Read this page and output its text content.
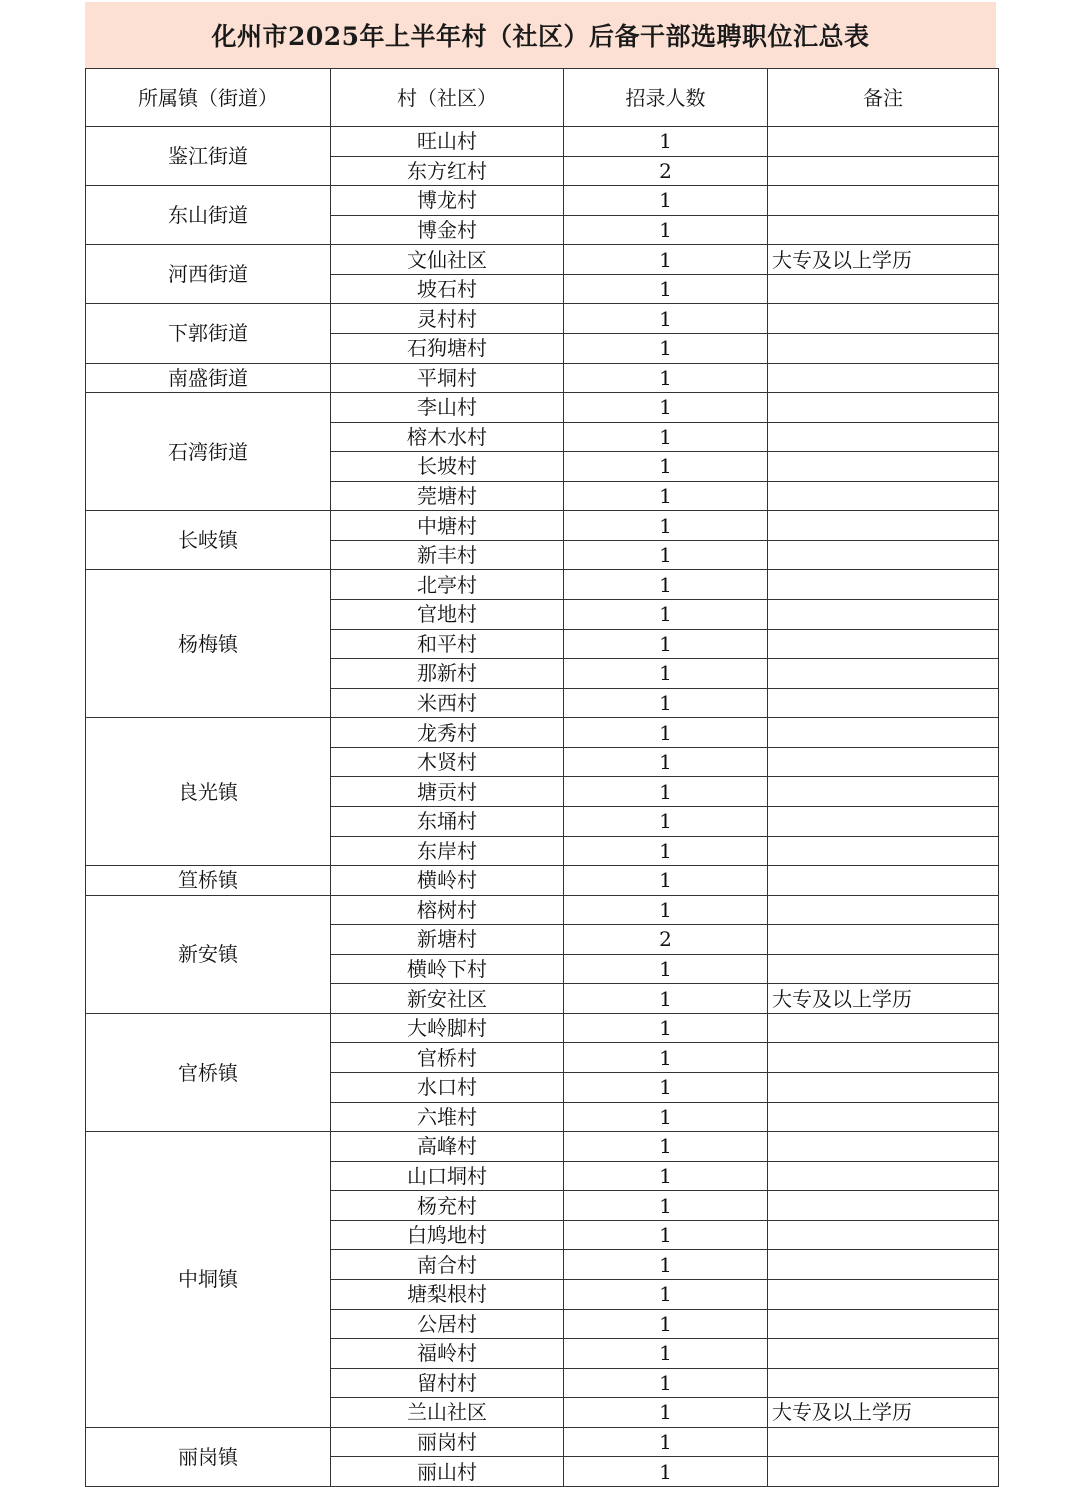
化州市2025年上半年村（社区）后备干部选聘职位汇总表
所属镇（街道）	村（社区）	招录人数	备注
鉴江街道	旺山村	1	
	东方红村	2	
东山街道	博龙村	1	
	博金村	1	
河西街道	文仙社区	1	大专及以上学历
	坡石村	1	
下郭街道	灵村村	1	
	石狗塘村	1	
南盛街道	平垌村	1	
石湾街道	李山村	1	
	榕木水村	1	
	长坡村	1	
	莞塘村	1	
长岐镇	中塘村	1	
	新丰村	1	
杨梅镇	北亭村	1	
	官地村	1	
	和平村	1	
	那新村	1	
	米西村	1	
良光镇	龙秀村	1	
	木贤村	1	
	塘贡村	1	
	东埇村	1	
	东岸村	1	
笪桥镇	横岭村	1	
新安镇	榕树村	1	
	新塘村	2	
	横岭下村	1	
	新安社区	1	大专及以上学历
官桥镇	大岭脚村	1	
	官桥村	1	
	水口村	1	
	六堆村	1	
中垌镇	高峰村	1	
	山口垌村	1	
	杨充村	1	
	白鸠地村	1	
	南合村	1	
	塘梨根村	1	
	公居村	1	
	福岭村	1	
	留村村	1	
	兰山社区	1	大专及以上学历
丽岗镇	丽岗村	1	
	丽山村	1	
